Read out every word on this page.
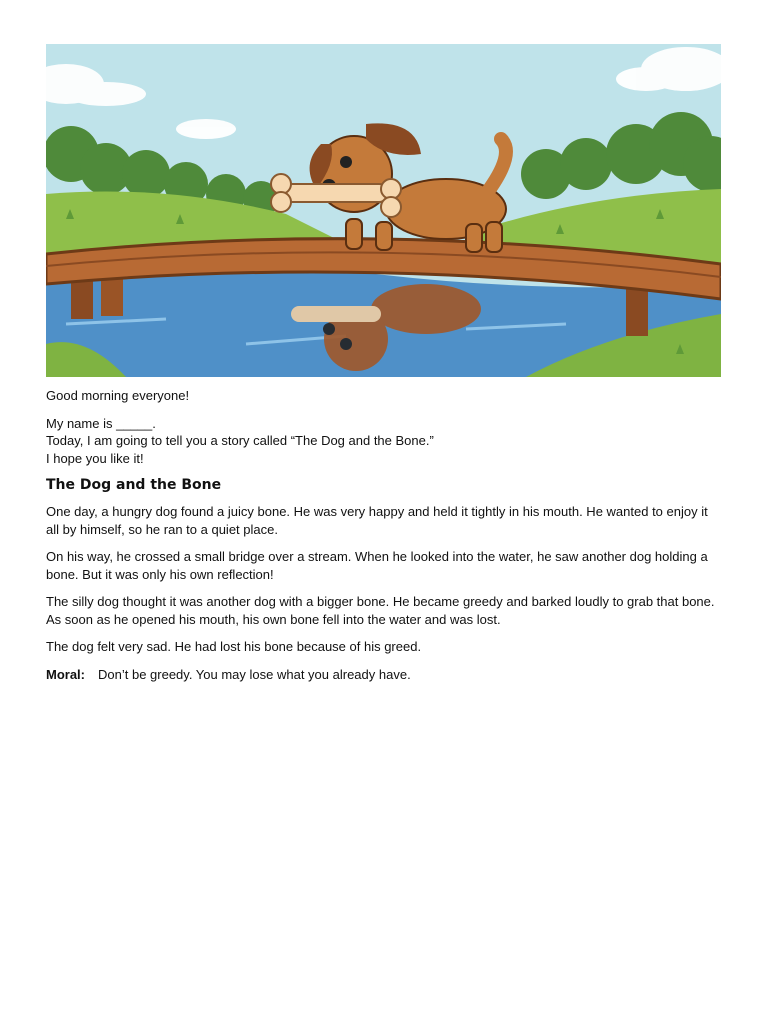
Good morning everyone!

My name is _____.

Today, I am going to tell you a story called “The Dog and the Bone.”

I hope you like it!

The Dog and the Bone

One day, a hungry dog found a juicy bone. He was very happy and held it tightly in his mouth. He wanted to enjoy it all by himself, so he ran to a quiet place.

On his way, he crossed a small bridge over a stream. When he looked into the water, he saw another dog holding a bone. But it was only his own reflection!

The silly dog thought it was another dog with a bigger bone. He became greedy and barked loudly to grab that bone. As soon as he opened his mouth, his own bone fell into the water and was lost.

The dog felt very sad. He had lost his bone because of his greed.

Moral: Don’t be greedy. You may lose what you already have.
